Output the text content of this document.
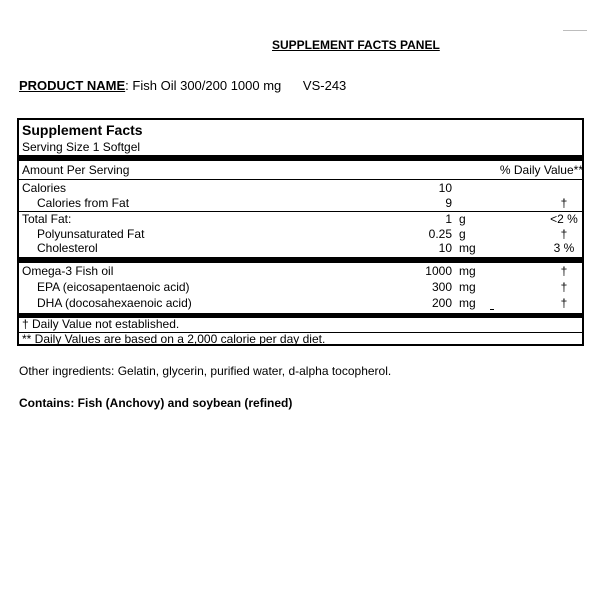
SUPPLEMENT FACTS PANEL
PRODUCT NAME: Fish Oil 300/200 1000 mg VS-243
Supplement Facts
Serving Size 1 Softgel
Amount Per Serving	% Daily Value**
Calories	10
Calories from Fat	9	†
Total Fat:	1 g	<2 %
Polyunsaturated Fat	0.25 g	†
Cholesterol	10 mg	3 %
Omega-3 Fish oil	1000 mg	†
EPA (eicosapentaenoic acid)	300 mg	†
DHA (docosahexaenoic acid)	200 mg	†
† Daily Value not established.
** Daily Values are based on a 2,000 calorie per day diet.
Other ingredients: Gelatin, glycerin, purified water, d-alpha tocopherol.
Contains: Fish (Anchovy) and soybean (refined)
